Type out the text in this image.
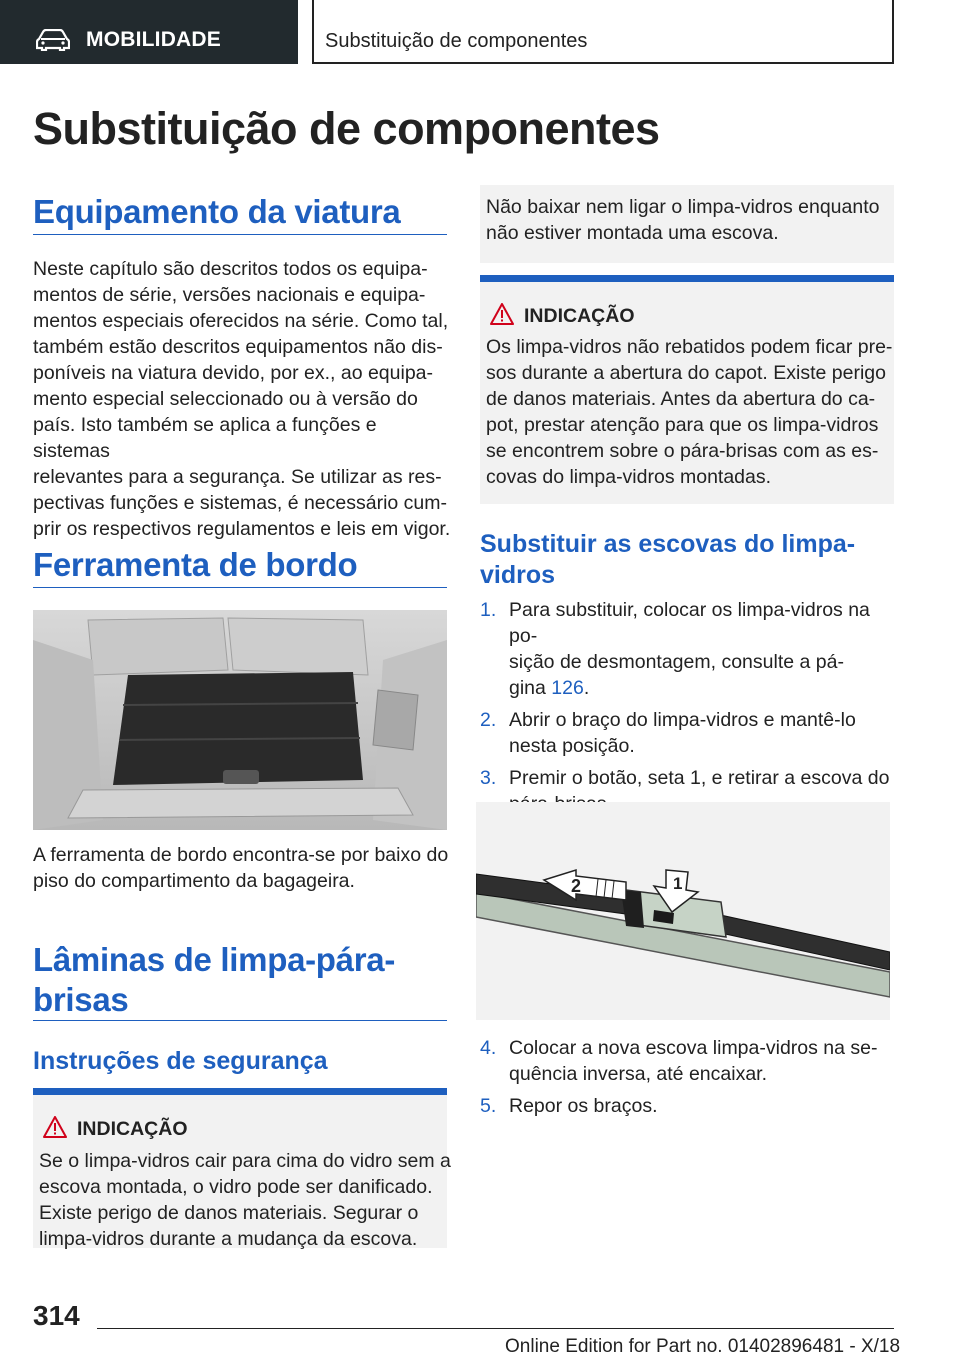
MOBILIDADE	Substituição de componentes
Substituição de componentes
Equipamento da viatura

Neste capítulo são descritos todos os equipa-

mentos de série, versões nacionais e equipa-

mentos especiais oferecidos na série. Como tal,

também estão descritos equipamentos não dis-

poníveis na viatura devido, por ex., ao equipa-

mento especial seleccionado ou à versão do

país. Isto também se aplica a funções e sistemas

relevantes para a segurança. Se utilizar as res-

pectivas funções e sistemas, é necessário cum-

prir os respectivos regulamentos e leis em vigor.

Ferramenta de bordo

A ferramenta de bordo encontra-se por baixo do

piso do compartimento da bagageira.

Lâminas de limpa-pára-
brisas
Instruções de segurança
INDICAÇÃO
Se o limpa-vidros cair para cima do vidro sem a
escova montada, o vidro pode ser danificado.
Existe perigo de danos materiais. Segurar o
limpa-vidros durante a mudança da escova.
Não baixar nem ligar o limpa-vidros enquanto
não estiver montada uma escova.
INDICAÇÃO
Os limpa-vidros não rebatidos podem ficar pre-
sos durante a abertura do capot. Existe perigo
de danos materiais. Antes da abertura do ca-
pot, prestar atenção para que os limpa-vidros
se encontrem sobre o pára-brisas com as es-
covas do limpa-vidros montadas.
Substituir as escovas do limpa-
vidros
1. Para substituir, colocar os limpa-vidros na po-
sição de desmontagem, consulte a pá-
gina 126.
2. Abrir o braço do limpa-vidros e mantê-lo
nesta posição.
3. Premir o botão, seta 1, e retirar a escova do
2	1
4. Colocar a nova escova limpa-vidros na se-
quência inversa, até encaixar.
5. Repor os braços.
314
Online Edition for Part no. 01402896481 - X/18
